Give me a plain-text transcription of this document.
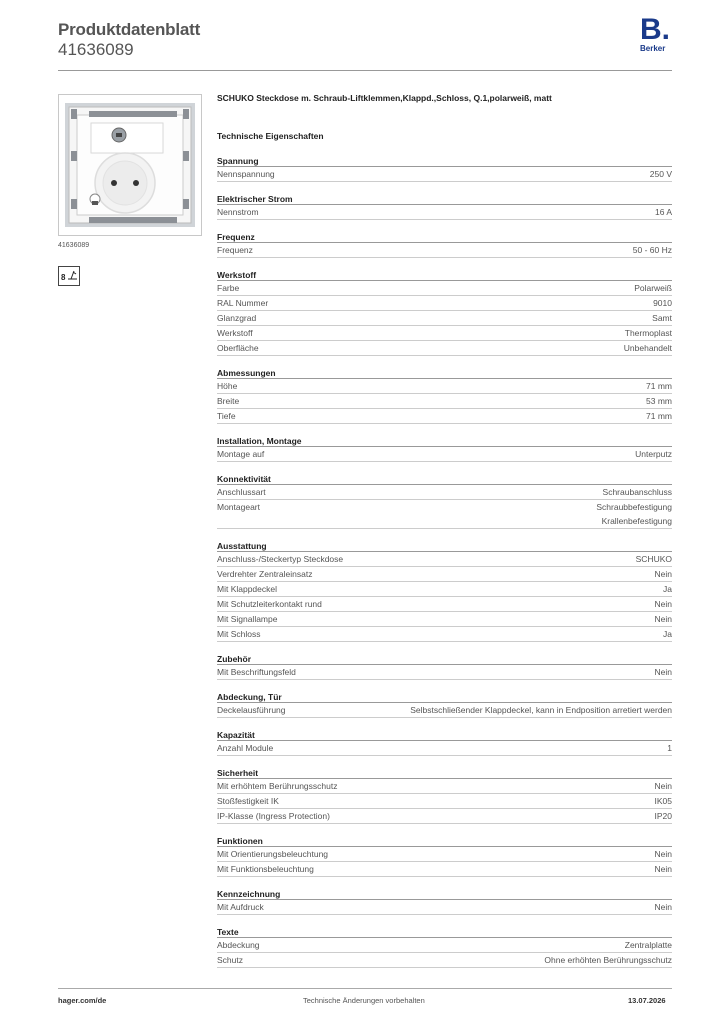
Produktdatenblatt
41636089
B.
Berker
41636089
8
SCHUKO Steckdose m. Schraub-Liftklemmen,Klappd.,Schloss, Q.1,polarweiß, matt
Technische Eigenschaften
Spannung
Nennspannung	250 V
Elektrischer Strom
Nennstrom	16 A
Frequenz
Frequenz	50 - 60 Hz
Werkstoff
Farbe	Polarweiß
RAL Nummer	9010
Glanzgrad	Samt
Werkstoff	Thermoplast
Oberfläche	Unbehandelt
Abmessungen
Höhe	71 mm
Breite	53 mm
Tiefe	71 mm
Installation, Montage
Montage auf	Unterputz
Konnektivität
Anschlussart	Schraubanschluss
Montageart	Schraubbefestigung
Krallenbefestigung
Ausstattung
Anschluss-/Steckertyp Steckdose	SCHUKO
Verdrehter Zentraleinsatz	Nein
Mit Klappdeckel	Ja
Mit Schutzleiterkontakt rund	Nein
Mit Signallampe	Nein
Mit Schloss	Ja
Zubehör
Mit Beschriftungsfeld	Nein
Abdeckung, Tür
Deckelausführung	Selbstschließender Klappdeckel, kann in Endposition arretiert werden
Kapazität
Anzahl Module	1
Sicherheit
Mit erhöhtem Berührungsschutz	Nein
Stoßfestigkeit IK	IK05
IP-Klasse (Ingress Protection)	IP20
Funktionen
Mit Orientierungsbeleuchtung	Nein
Mit Funktionsbeleuchtung	Nein
Kennzeichnung
Mit Aufdruck	Nein
Texte
Abdeckung	Zentralplatte
Schutz	Ohne erhöhten Berührungsschutz
hager.com/de	Technische Änderungen vorbehalten	13.07.2026
